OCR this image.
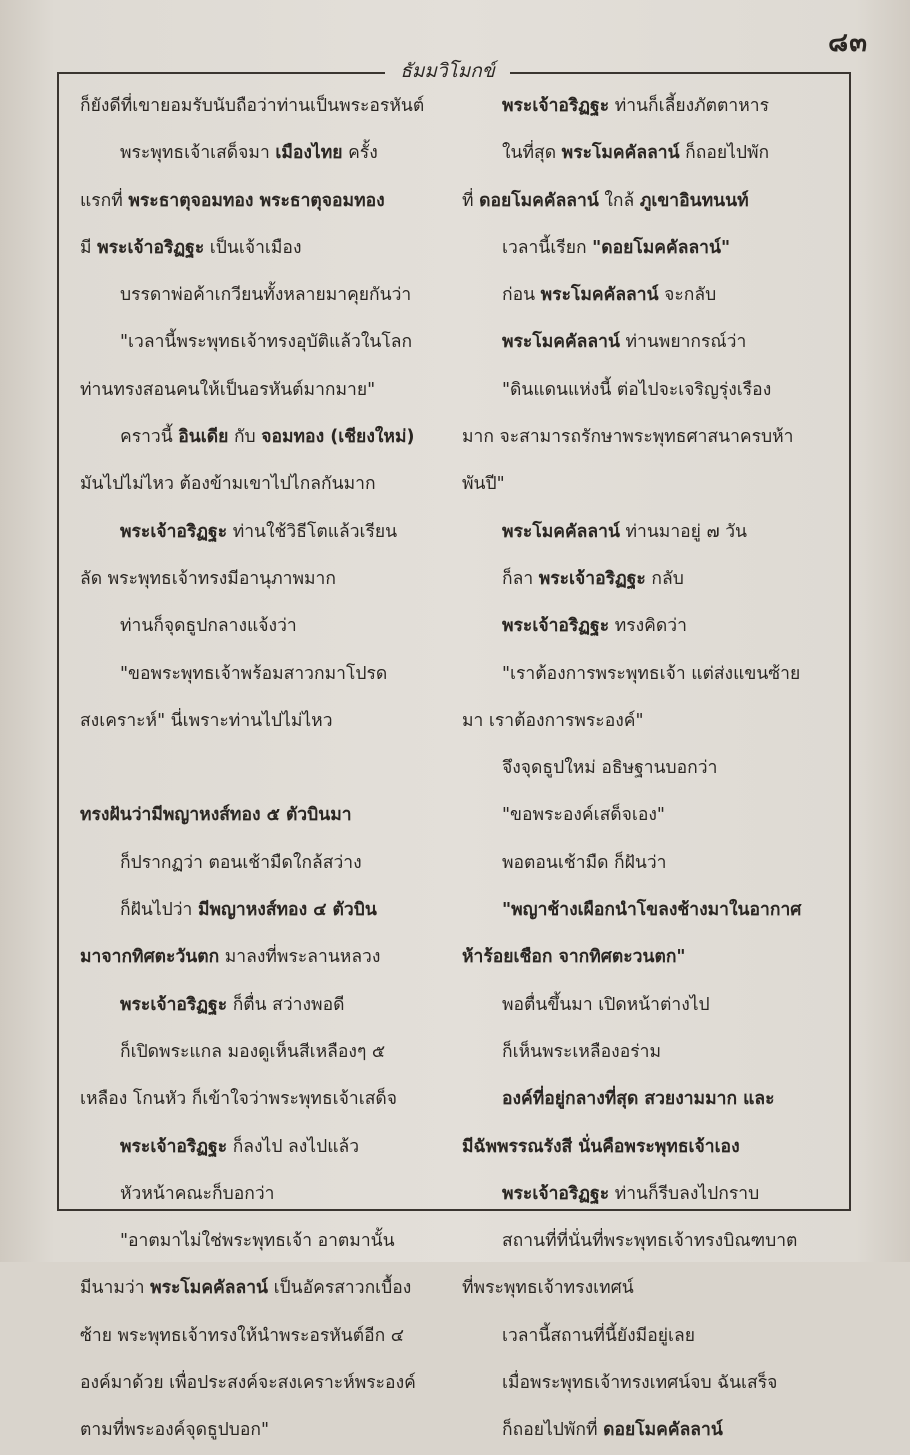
๘๓
ธัมมวิโมกข์
ก็ยังดีที่เขายอมรับนับถือว่าท่านเป็นพระอรหันต์
พระพุทธเจ้าเสด็จมา เมืองไทย ครั้ง
แรกที่ พระธาตุจอมทอง พระธาตุจอมทอง
มี พระเจ้าอริฏฐะ เป็นเจ้าเมือง
บรรดาพ่อค้าเกวียนทั้งหลายมาคุยกันว่า
"เวลานี้พระพุทธเจ้าทรงอุบัติแล้วในโลก
ท่านทรงสอนคนให้เป็นอรหันต์มากมาย"
คราวนี้ อินเดีย กับ จอมทอง (เชียงใหม่)
มันไปไม่ไหว ต้องข้ามเขาไปไกลกันมาก
พระเจ้าอริฏฐะ ท่านใช้วิธีโตแล้วเรียน
ลัด พระพุทธเจ้าทรงมีอานุภาพมาก
ท่านก็จุดธูปกลางแจ้งว่า
"ขอพระพุทธเจ้าพร้อมสาวกมาโปรด
สงเคราะห์" นี่เพราะท่านไปไม่ไหว
ทรงฝันว่ามีพญาหงส์ทอง ๕ ตัวบินมา
ก็ปรากฏว่า ตอนเช้ามืดใกล้สว่าง
ก็ฝันไปว่า มีพญาหงส์ทอง ๔ ตัวบิน
มาจากทิศตะวันตก มาลงที่พระลานหลวง
พระเจ้าอริฏฐะ ก็ตื่น สว่างพอดี
ก็เปิดพระแกล มองดูเห็นสีเหลืองๆ ๕
เหลือง โกนหัว ก็เข้าใจว่าพระพุทธเจ้าเสด็จ
พระเจ้าอริฏฐะ ก็ลงไป ลงไปแล้ว
หัวหน้าคณะก็บอกว่า
"อาตมาไม่ใช่พระพุทธเจ้า อาตมานั้น
มีนามว่า พระโมคคัลลาน์ เป็นอัครสาวกเบื้อง
ซ้าย พระพุทธเจ้าทรงให้นำพระอรหันต์อีก ๔
องค์มาด้วย เพื่อประสงค์จะสงเคราะห์พระองค์
ตามที่พระองค์จุดธูปบอก"
พระเจ้าอริฏฐะ ท่านก็เลี้ยงภัตตาหาร
ในที่สุด พระโมคคัลลาน์ ก็ถอยไปพัก
ที่ ดอยโมคคัลลาน์ ใกล้ ภูเขาอินทนนท์
เวลานี้เรียก "ดอยโมคคัลลาน์"
ก่อน พระโมคคัลลาน์ จะกลับ
พระโมคคัลลาน์ ท่านพยากรณ์ว่า
"ดินแดนแห่งนี้ ต่อไปจะเจริญรุ่งเรือง
มาก จะสามารถรักษาพระพุทธศาสนาครบห้า
พันปี"
พระโมคคัลลาน์ ท่านมาอยู่ ๗ วัน
ก็ลา พระเจ้าอริฏฐะ กลับ
พระเจ้าอริฏฐะ ทรงคิดว่า
"เราต้องการพระพุทธเจ้า แต่ส่งแขนซ้าย
มา เราต้องการพระองค์"
จึงจุดธูปใหม่ อธิษฐานบอกว่า
"ขอพระองค์เสด็จเอง"
พอตอนเช้ามืด ก็ฝันว่า
"พญาช้างเผือกนำโขลงช้างมาในอากาศ
ห้าร้อยเชือก จากทิศตะวนตก"
พอตื่นขึ้นมา เปิดหน้าต่างไป
ก็เห็นพระเหลืองอร่าม
องค์ที่อยู่กลางที่สุด สวยงามมาก และ
มีฉัพพรรณรังสี นั่นคือพระพุทธเจ้าเอง
พระเจ้าอริฏฐะ ท่านก็รีบลงไปกราบ
สถานที่ที่นั่นที่พระพุทธเจ้าทรงบิณฑบาต
ที่พระพุทธเจ้าทรงเทศน์
เวลานี้สถานที่นี้ยังมีอยู่เลย
เมื่อพระพุทธเจ้าทรงเทศน์จบ ฉันเสร็จ
ก็ถอยไปพักที่ ดอยโมคคัลลาน์
